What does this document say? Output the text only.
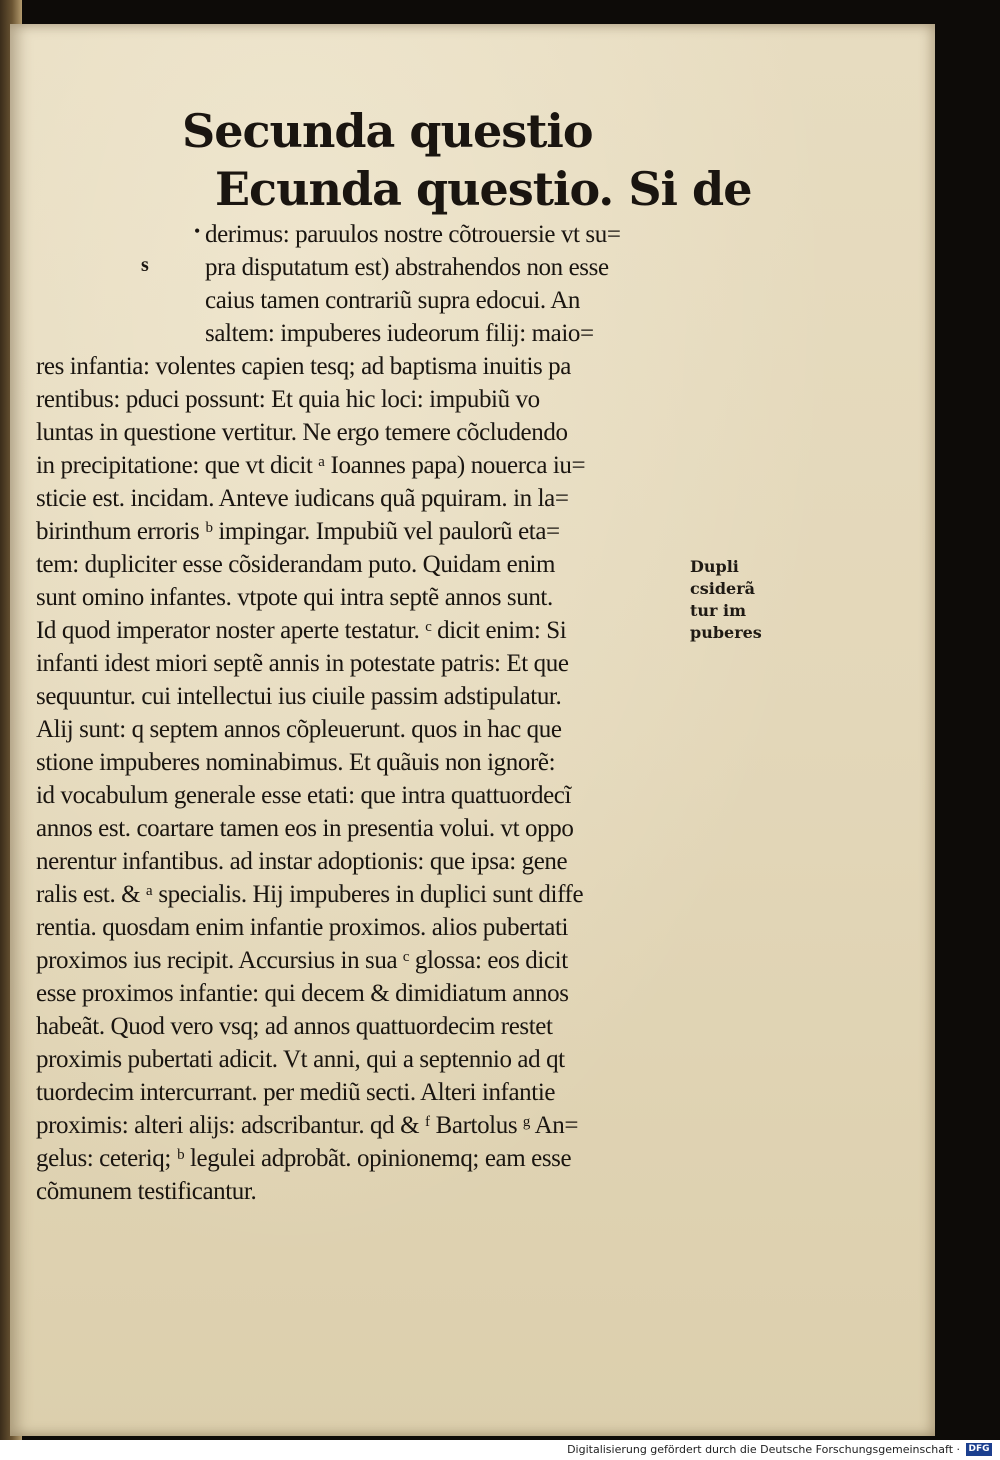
Secunda questio
Ecunda questio. Si de
s
• derimus: paruulos nostre cõtrouersie vt su=
pra disputatum est) abstrahendos non esse
caius tamen contrariũ supra edocui. An
saltem: impuberes iudeorum filij: maio=
res infantia: volentes capien tesq; ad baptisma inuitis pa
rentibus: pduci possunt: Et quia hic loci: impubiũ vo
luntas in questione vertitur. Ne ergo temere cõcludendo
in precipitatione: que vt dicit ᵃ Ioannes papa) nouerca iu=
sticie est. incidam. Anteve iudicans quã pquiram. in la=
birinthum erroris ᵇ impingar. Impubiũ vel paulorũ eta=
tem: dupliciter esse cõsiderandam puto. Quidam enim
sunt omino infantes. vtpote qui intra septẽ annos sunt.
Id quod imperator noster aperte testatur. ᶜ dicit enim: Si
infanti idest miori septẽ annis in potestate patris: Et que
sequuntur. cui intellectui ius ciuile passim adstipulatur.
Alij sunt: q septem annos cõpleuerunt. quos in hac que
stione impuberes nominabimus. Et quãuis non ignorẽ:
id vocabulum generale esse etati: que intra quattuordecĩ
annos est. coartare tamen eos in presentia volui. vt oppo
nerentur infantibus. ad instar adoptionis: que ipsa: gene
ralis est. & ᵃ specialis. Hij impuberes in duplici sunt diffe
rentia. quosdam enim infantie proximos. alios pubertati
proximos ius recipit. Accursius in sua ᶜ glossa: eos dicit
esse proximos infantie: qui decem & dimidiatum annos
habeãt. Quod vero vsq; ad annos quattuordecim restet
proximis pubertati adicit. Vt anni, qui a septennio ad qt
tuordecim intercurrant. per mediũ secti. Alteri infantie
proximis: alteri alijs: adscribantur. qd & ᶠ Bartolus ᵍ An=
gelus: ceteriq; ᵇ legulei adprobãt. opinionemq; eam esse
cõmunem testificantur.
Dupli
csiderã
tur im
puberes
Digitalisierung gefördert durch die Deutsche Forschungsgemeinschaft · DFG
